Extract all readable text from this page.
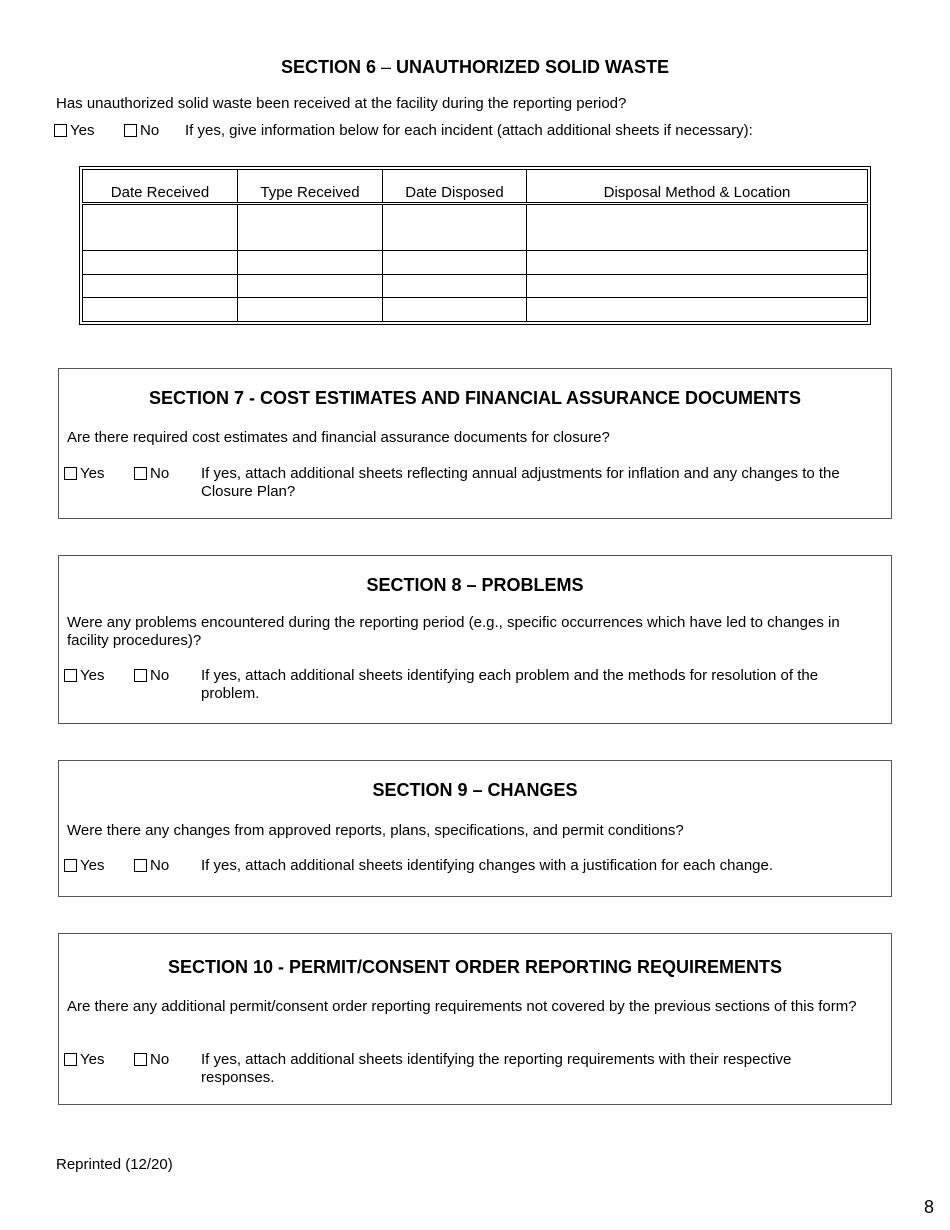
SECTION 6 – UNAUTHORIZED SOLID WASTE
Has unauthorized solid waste been received at the facility during the reporting period?
Yes	No If yes, give information below for each incident (attach additional sheets if necessary):
Date Received	Type Received	Date Disposed	Disposal Method & Location

SECTION 7 - COST ESTIMATES AND FINANCIAL ASSURANCE DOCUMENTS
Are there required cost estimates and financial assurance documents for closure?
Yes	No If yes, attach additional sheets reflecting annual adjustments for inflation and any changes to the Closure Plan?
SECTION 8 – PROBLEMS
Were any problems encountered during the reporting period (e.g., specific occurrences which have led to changes in facility procedures)?
Yes	No If yes, attach additional sheets identifying each problem and the methods for resolution of the problem.
SECTION 9 – CHANGES
Were there any changes from approved reports, plans, specifications, and permit conditions?
Yes	No If yes, attach additional sheets identifying changes with a justification for each change.
SECTION 10 - PERMIT/CONSENT ORDER REPORTING REQUIREMENTS
Are there any additional permit/consent order reporting requirements not covered by the previous sections of this form?
Yes	No If yes, attach additional sheets identifying the reporting requirements with their respective responses.
Reprinted (12/20)
8
